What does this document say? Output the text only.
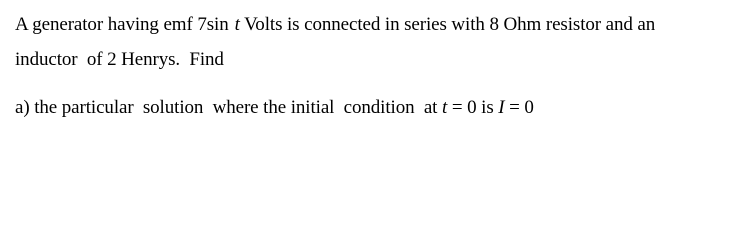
A generator having emf 7sin t Volts is connected in series with 8 Ohm resistor and an
inductor  of 2 Henrys.  Find
a) the particular  solution  where the initial  condition  at t = 0 is I = 0
